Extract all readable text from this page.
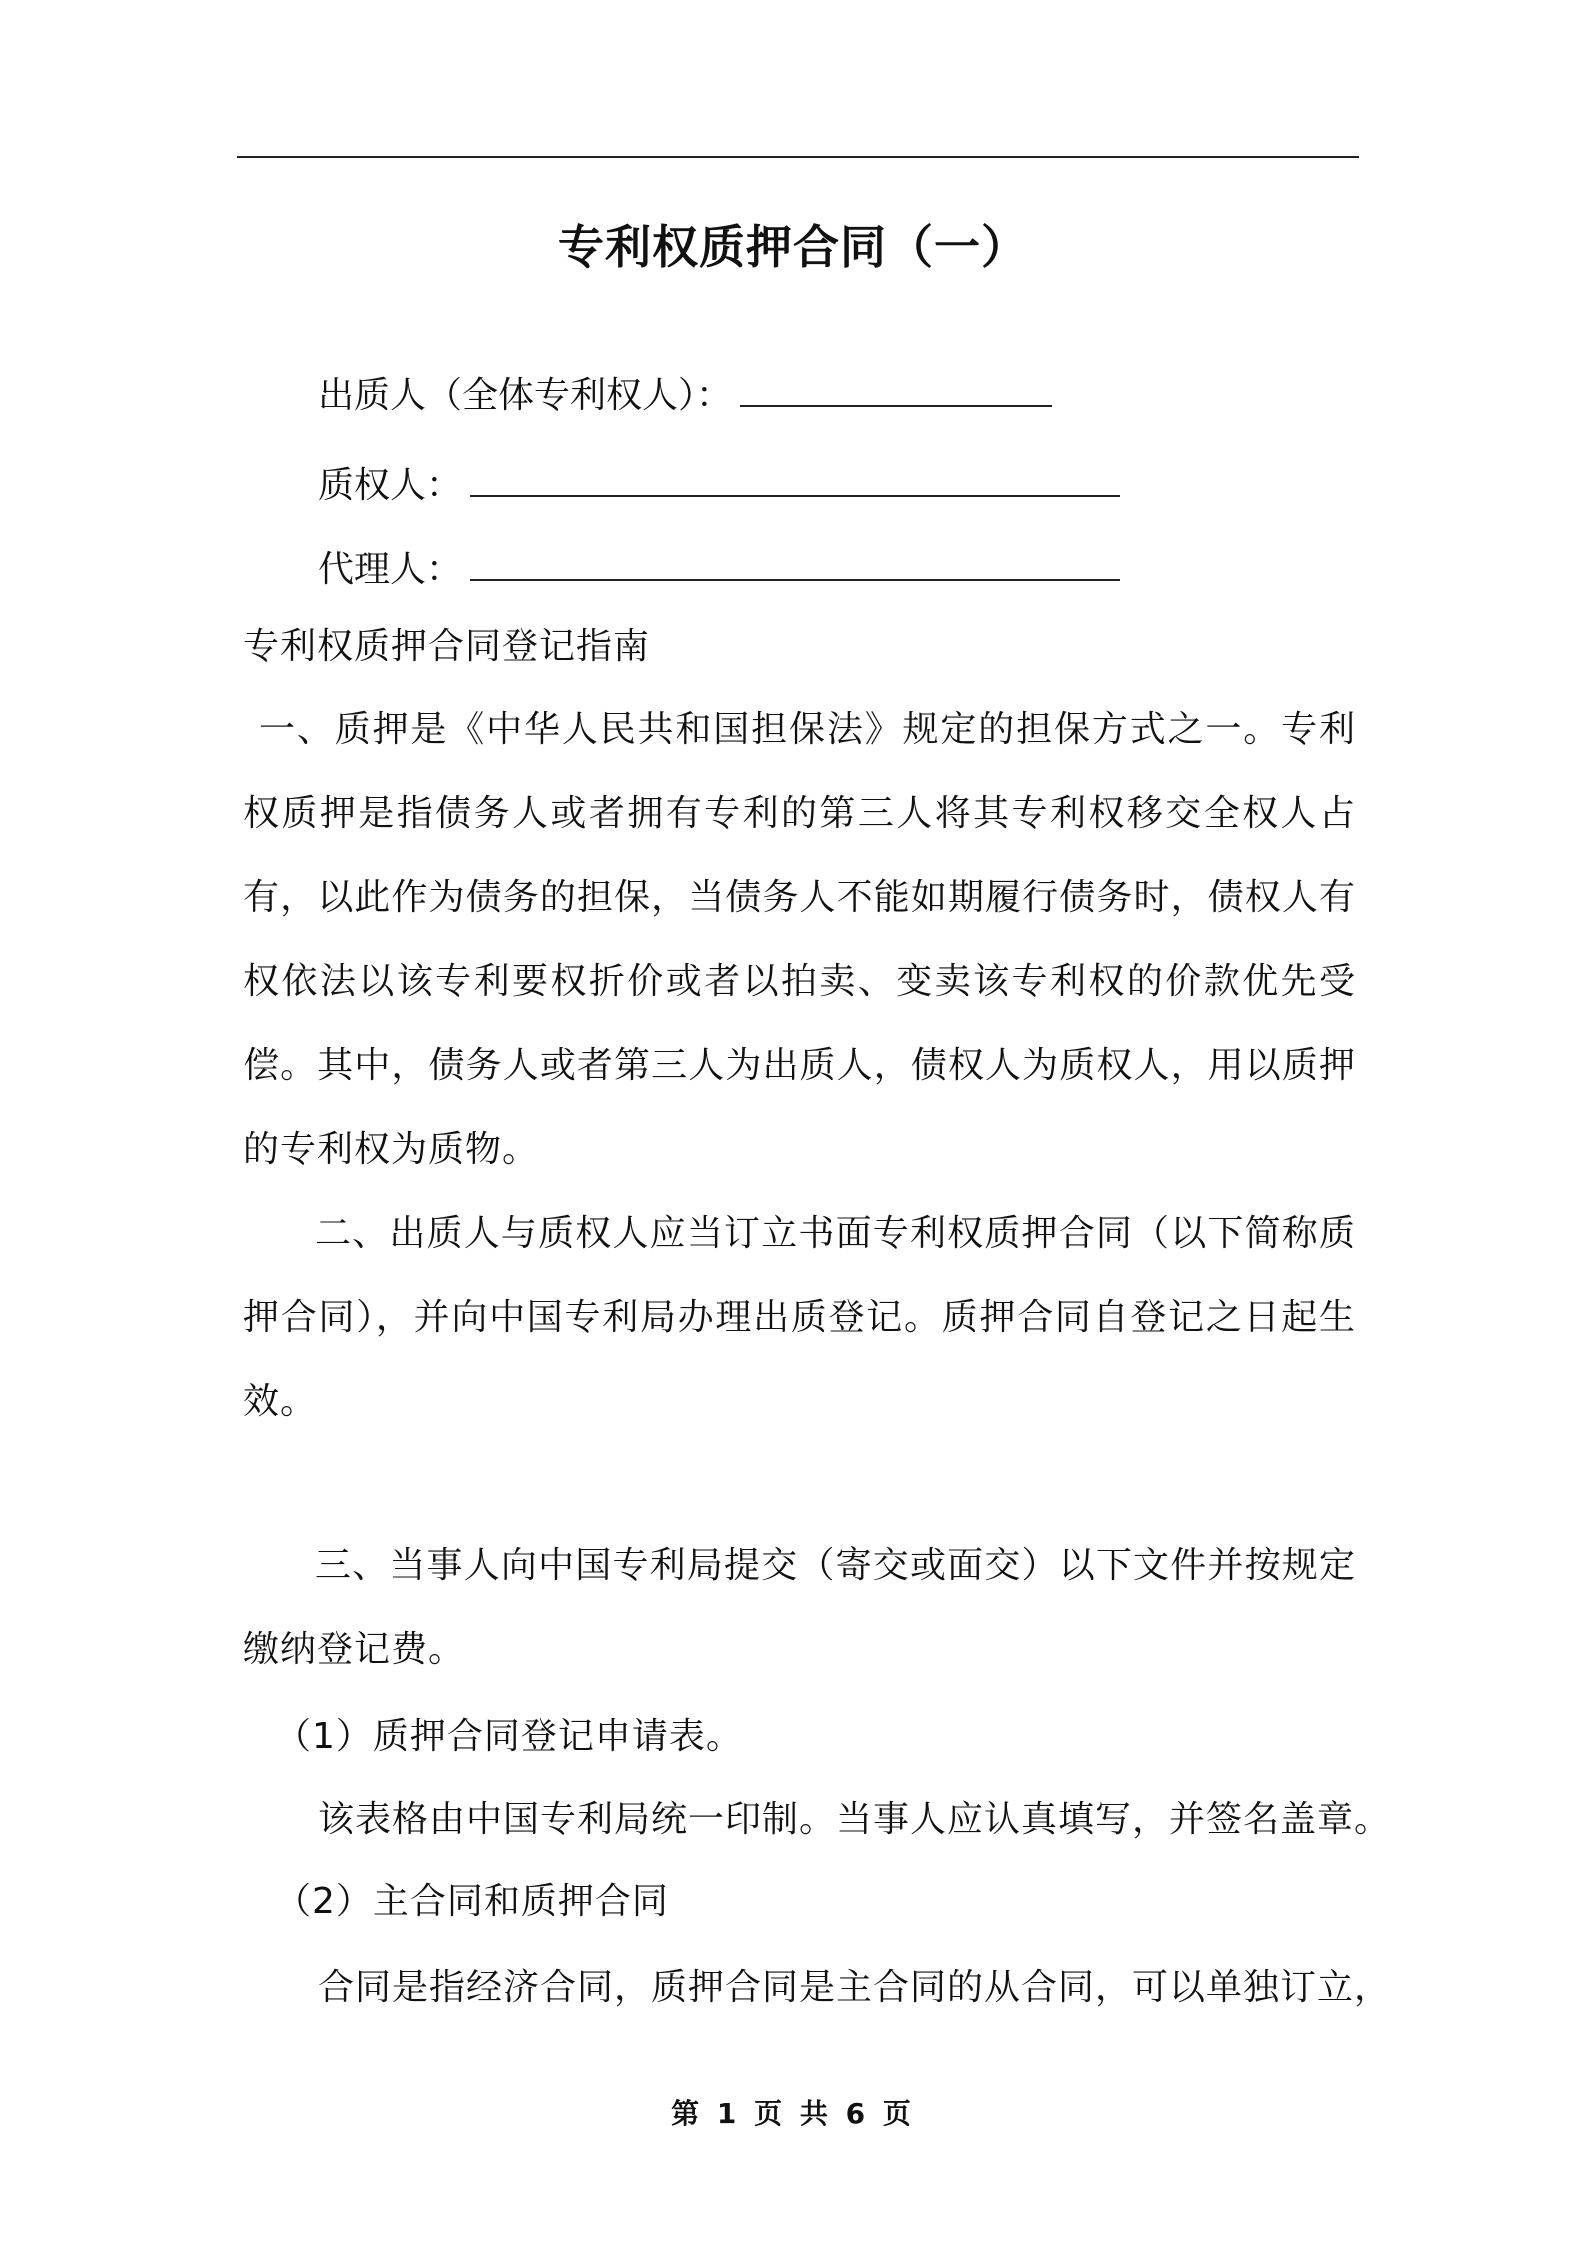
专利权质押合同（一）
出质人（全体专利权人）：
质权人：
代理人：
专利权质押合同登记指南
一、质押是《中华人民共和国担保法》规定的担保方式之一。专利权质押是指债务人或者拥有专利的第三人将其专利权移交全权人占有，以此作为债务的担保，当债务人不能如期履行债务时，债权人有权依法以该专利要权折价或者以拍卖、变卖该专利权的价款优先受偿。其中，债务人或者第三人为出质人，债权人为质权人，用以质押的专利权为质物。
二、出质人与质权人应当订立书面专利权质押合同（以下简称质押合同），并向中国专利局办理出质登记。质押合同自登记之日起生效。
三、当事人向中国专利局提交（寄交或面交）以下文件并按规定缴纳登记费。
（1）质押合同登记申请表。
该表格由中国专利局统一印制。当事人应认真填写，并签名盖章。
（2）主合同和质押合同
合同是指经济合同，质押合同是主合同的从合同，可以单独订立，
第 1 页 共 6 页
